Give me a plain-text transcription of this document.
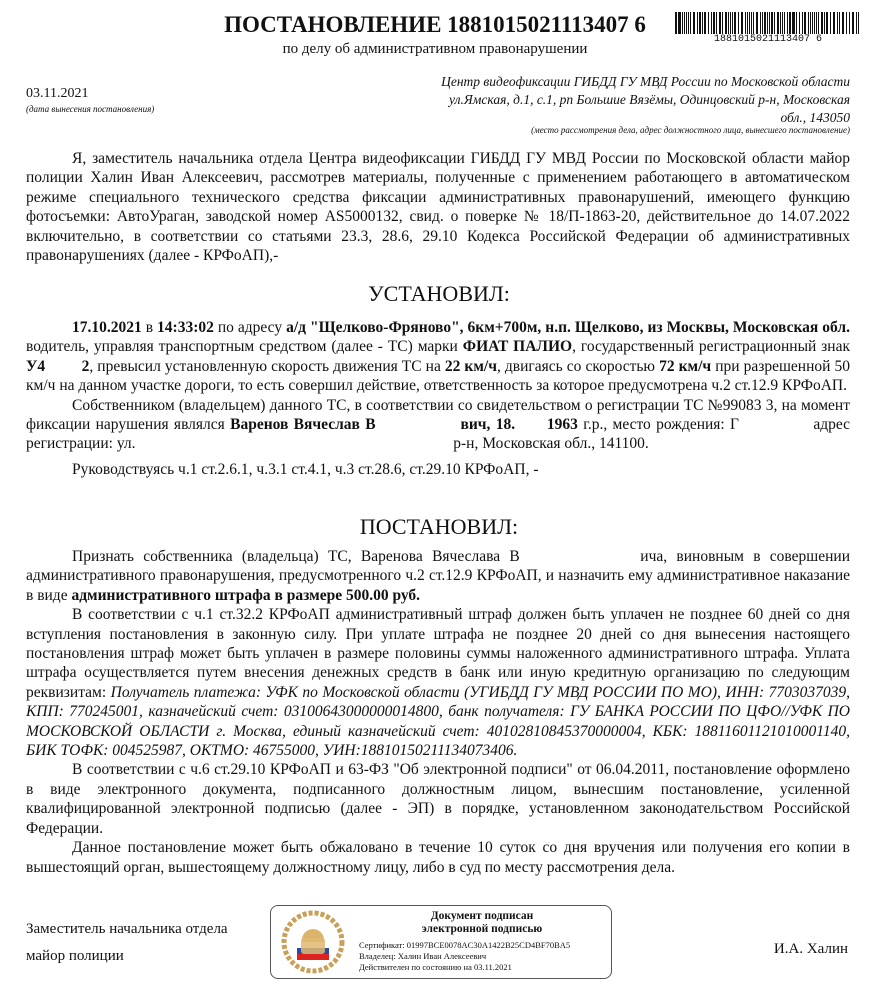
ПОСТАНОВЛЕНИЕ 1881015021113407 6
по делу об административном правонарушении
1881015021113407 6
03.11.2021
(дата вынесения постановления)
Центр видеофиксации ГИБДД ГУ МВД России по Московской области
ул.Ямская, д.1, с.1, рп Большие Вязёмы, Одинцовский р-н, Московская
обл., 143050
(место рассмотрения дела, адрес должностного лица, вынесшего постановление)

Я, заместитель начальника отдела Центра видеофиксации ГИБДД ГУ МВД России по Московской области майор полиции Халин Иван Алексеевич, рассмотрев материалы, полученные с применением работающего в автоматическом режиме специального технического средства фиксации административных правонарушений, имеющего функцию фотосъемки: АвтоУраган, заводской номер AS5000132, свид. о поверке № 18/П-1863-20, действительное до 14.07.2022 включительно, в соответствии со статьями 23.3, 28.6, 29.10 Кодекса Российской Федерации об административных правонарушениях (далее - КРФоАП),-

УСТАНОВИЛ:

17.10.2021 в 14:33:02 по адресу а/д "Щелково-Фряново", 6км+700м, н.п. Щелково, из Москвы, Московская обл. водитель, управляя транспортным средством (далее - ТС) марки ФИАТ ПАЛИО, государственный регистрационный знак У4         2, превысил установленную скорость движения ТС на 22 км/ч, двигаясь со скоростью 72 км/ч при разрешенной 50 км/ч на данном участке дороги, то есть совершил действие, ответственность за которое предусмотрена ч.2 ст.12.9 КРФоАП.

Собственником (владельцем) данного ТС, в соответствии со свидетельством о регистрации ТС №99083 3, на момент фиксации нарушения являлся Варенов Вячеслав В                вич, 18.      1963 г.р., место рождения: Г              адрес регистрации: ул.                                                                                  р-н, Московская обл., 141100.

Руководствуясь ч.1 ст.2.6.1, ч.3.1 ст.4.1, ч.3 ст.28.6, ст.29.10 КРФоАП, -

ПОСТАНОВИЛ:

Признать собственника (владельца) ТС, Варенова Вячеслава В             ича, виновным в совершении административного правонарушения, предусмотренного ч.2 ст.12.9 КРФоАП, и назначить ему административное наказание в виде административного штрафа в размере 500.00 руб.

В соответствии с ч.1 ст.32.2 КРФоАП административный штраф должен быть уплачен не позднее 60 дней со дня вступления постановления в законную силу. При уплате штрафа не позднее 20 дней со дня вынесения настоящего постановления штраф может быть уплачен в размере половины суммы наложенного административного штрафа. Уплата штрафа осуществляется путем внесения денежных средств в банк или иную кредитную организацию по следующим реквизитам: Получатель платежа: УФК по Московской области (УГИБДД ГУ МВД РОССИИ ПО МО), ИНН: 7703037039, КПП: 770245001, казначейский счет: 03100643000000014800, банк получателя: ГУ БАНКА РОССИИ ПО ЦФО//УФК ПО МОСКОВСКОЙ ОБЛАСТИ г. Москва, единый казначейский счет: 40102810845370000004, КБК: 18811601121010001140, БИК ТОФК: 004525987, ОКТМО: 46755000, УИН:18810150211134073406.

В соответствии с ч.6 ст.29.10 КРФоАП и 63-ФЗ "Об электронной подписи" от 06.04.2011, постановление оформлено в виде электронного документа, подписанного должностным лицом, вынесшим постановление, усиленной квалифицированной электронной подписью (далее - ЭП) в порядке, установленном законодательством Российской Федерации.

Данное постановление может быть обжаловано в течение 10 суток со дня вручения или получения его копии в вышестоящий орган, вышестоящему должностному лицу, либо в суд по месту рассмотрения дела.

Заместитель начальника отдела
майор полиции
Документ подписан
электронной подписью
Сертификат: 01997BCE0078AC30A1422B25CD4BF70BA5
Владелец: Халин Иван Алексеевич
Действителен по состоянию на 03.11.2021
И.А. Халин
